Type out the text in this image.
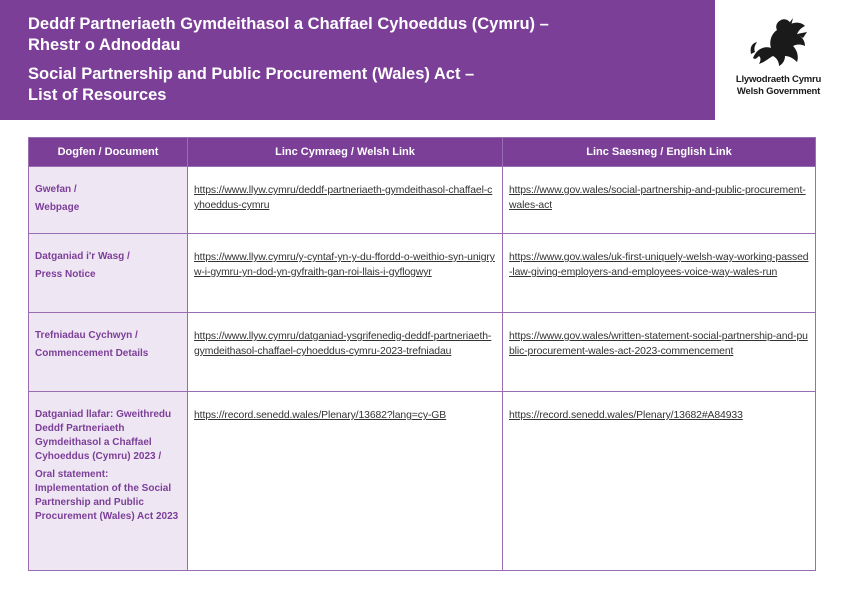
Deddf Partneriaeth Gymdeithasol a Chaffael Cyhoeddus (Cymru) –
Rhestr o Adnoddau
Social Partnership and Public Procurement (Wales) Act –
List of Resources
Llywodraeth Cymru
Welsh Government
Dogfen / Document	Linc Cymraeg / Welsh Link	Linc Saesneg / English Link
Gwefan /
Webpage	https://www.llyw.cymru/deddf-partneriaeth-gymdeithasol-chaffael-cyhoeddus-cymru	https://www.gov.wales/social-partnership-and-public-procurement-wales-act
Datganiad i'r Wasg /
Press Notice	https://www.llyw.cymru/y-cyntaf-yn-y-du-ffordd-o-weithio-syn-unigryw-i-gymru-yn-dod-yn-gyfraith-gan-roi-llais-i-gyflogwyr	https://www.gov.wales/uk-first-uniquely-welsh-way-working-passed-law-giving-employers-and-employees-voice-way-wales-run
Trefniadau Cychwyn /
Commencement Details	https://www.llyw.cymru/datganiad-ysgrifenedig-deddf-partneriaeth-gymdeithasol-chaffael-cyhoeddus-cymru-2023-trefniadau	https://www.gov.wales/written-statement-social-partnership-and-public-procurement-wales-act-2023-commencement
Datganiad llafar: Gweithredu Deddf Partneriaeth Gymdeithasol a Chaffael Cyhoeddus (Cymru) 2023 /
Oral statement: Implementation of the Social Partnership and Public Procurement (Wales) Act 2023	https://record.senedd.wales/Plenary/13682?lang=cy-GB	https://record.senedd.wales/Plenary/13682#A84933
